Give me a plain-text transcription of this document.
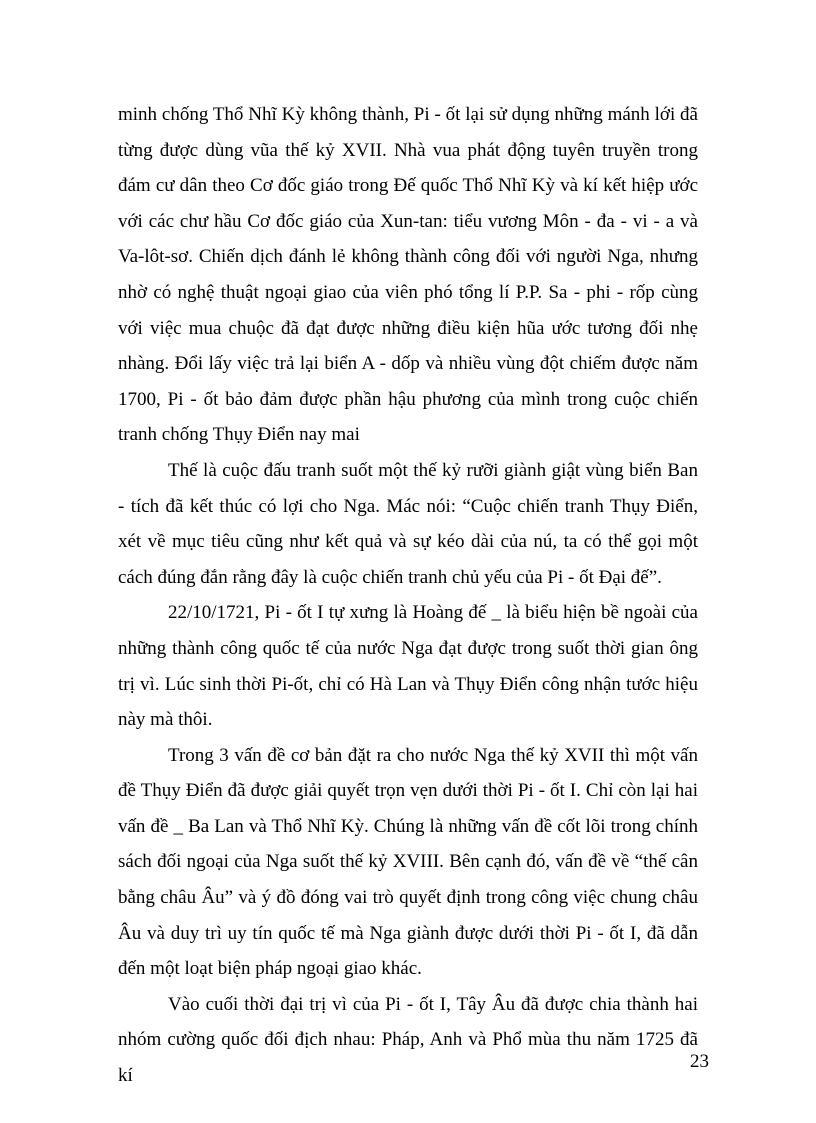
minh chống Thổ Nhĩ Kỳ không thành, Pi - ốt lại sử dụng những mánh lới đã từng được dùng vũa thế kỷ XVII. Nhà vua phát động tuyên truyền trong đám cư dân theo Cơ đốc giáo trong Đế quốc Thổ Nhĩ Kỳ và kí kết hiệp ước với các chư hầu Cơ đốc giáo của Xun-tan: tiểu vương Môn - đa - vi - a và Va-lôt-sơ. Chiến dịch đánh lẻ không thành công đối với người Nga, nhưng nhờ có nghệ thuật ngoại giao của viên phó tổng lí P.P. Sa - phi - rốp cùng với việc mua chuộc đã đạt được những điều kiện hũa ước tương đối nhẹ nhàng. Đổi lấy việc trả lại biển A - dốp và nhiều vùng đột chiếm được năm 1700, Pi - ốt bảo đảm được phần hậu phương của mình trong cuộc chiến tranh chống Thụy Điển nay mai

Thế là cuộc đấu tranh suốt một thế kỷ rưỡi giành giật vùng biển Ban - tích đã kết thúc có lợi cho Nga. Mác nói: “Cuộc chiến tranh Thụy Điển, xét về mục tiêu cũng như kết quả và sự kéo dài của nú, ta có thể gọi một cách đúng đắn rằng đây là cuộc chiến tranh chủ yếu của Pi - ốt Đại đế”.

22/10/1721, Pi - ốt I tự xưng là Hoàng đế _ là biểu hiện bề ngoài của những thành công quốc tế của nước Nga đạt được trong suốt thời gian ông trị vì. Lúc sinh thời Pi-ốt, chỉ có Hà Lan và Thụy Điển công nhận tước hiệu này mà thôi.

Trong 3 vấn đề cơ bản đặt ra cho nước Nga thế kỷ XVII thì một vấn đề Thụy Điển đã được giải quyết trọn vẹn dưới thời Pi - ốt I. Chỉ còn lại hai vấn đề _ Ba Lan và Thổ Nhĩ Kỳ. Chúng là những vấn đề cốt lõi trong chính sách đối ngoại của Nga suốt thế kỷ XVIII. Bên cạnh đó, vấn đề về “thế cân bằng châu Âu” và ý đồ đóng vai trò quyết định trong công việc chung châu Âu và duy trì uy tín quốc tế mà Nga giành được dưới thời Pi - ốt I, đã dẫn đến một loạt biện pháp ngoại giao khác.

Vào cuối thời đại trị vì của Pi - ốt I, Tây Âu đã được chia thành hai nhóm cường quốc đối địch nhau: Pháp, Anh và Phổ mùa thu năm 1725 đã kí

23
